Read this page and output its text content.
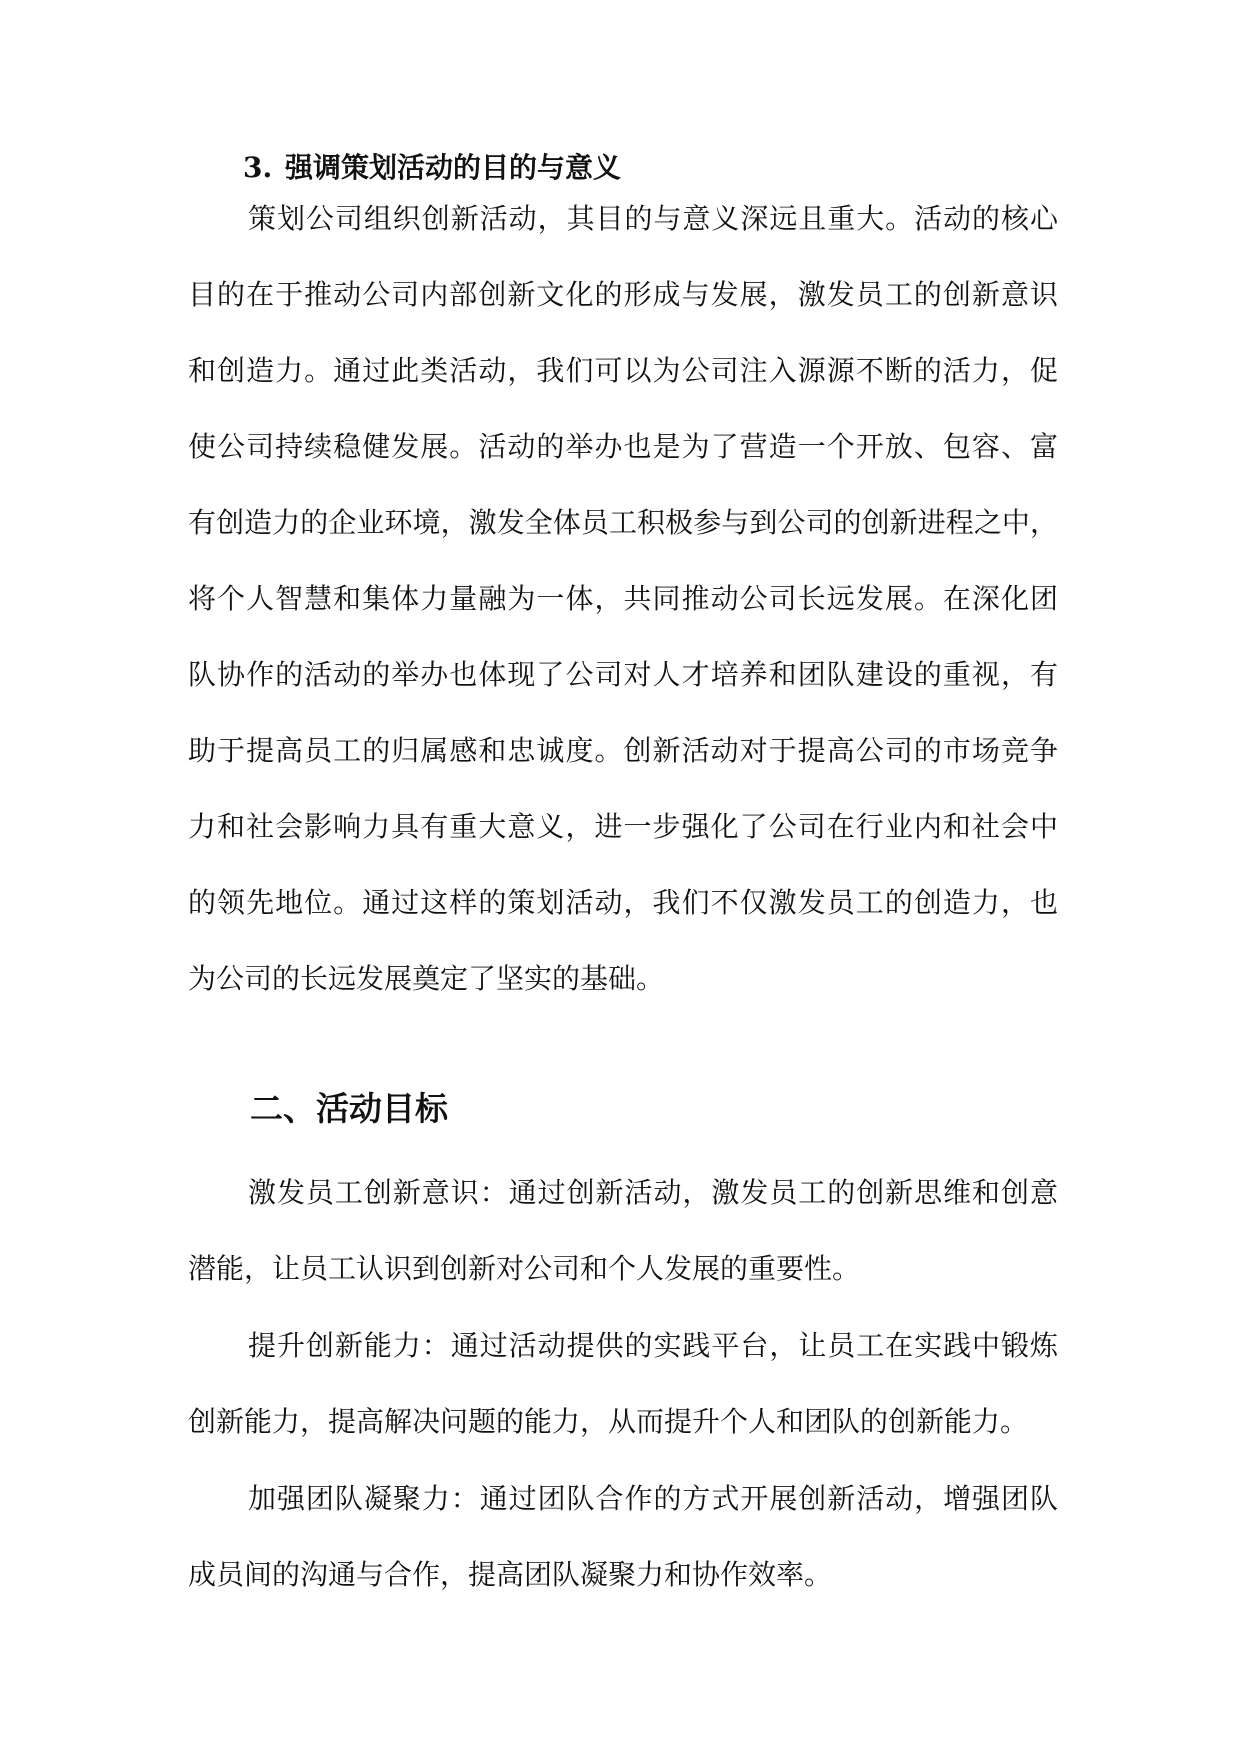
3. 强调策划活动的目的与意义
策划公司组织创新活动，其目的与意义深远且重大。活动的核心
目的在于推动公司内部创新文化的形成与发展，激发员工的创新意识
和创造力。通过此类活动，我们可以为公司注入源源不断的活力，促
使公司持续稳健发展。活动的举办也是为了营造一个开放、包容、富
有创造力的企业环境，激发全体员工积极参与到公司的创新进程之中，
将个人智慧和集体力量融为一体，共同推动公司长远发展。在深化团
队协作的活动的举办也体现了公司对人才培养和团队建设的重视，有
助于提高员工的归属感和忠诚度。创新活动对于提高公司的市场竞争
力和社会影响力具有重大意义，进一步强化了公司在行业内和社会中
的领先地位。通过这样的策划活动，我们不仅激发员工的创造力，也
为公司的长远发展奠定了坚实的基础。
二、活动目标
激发员工创新意识：通过创新活动，激发员工的创新思维和创意
潜能，让员工认识到创新对公司和个人发展的重要性。
提升创新能力：通过活动提供的实践平台，让员工在实践中锻炼
创新能力，提高解决问题的能力，从而提升个人和团队的创新能力。
加强团队凝聚力：通过团队合作的方式开展创新活动，增强团队
成员间的沟通与合作，提高团队凝聚力和协作效率。
